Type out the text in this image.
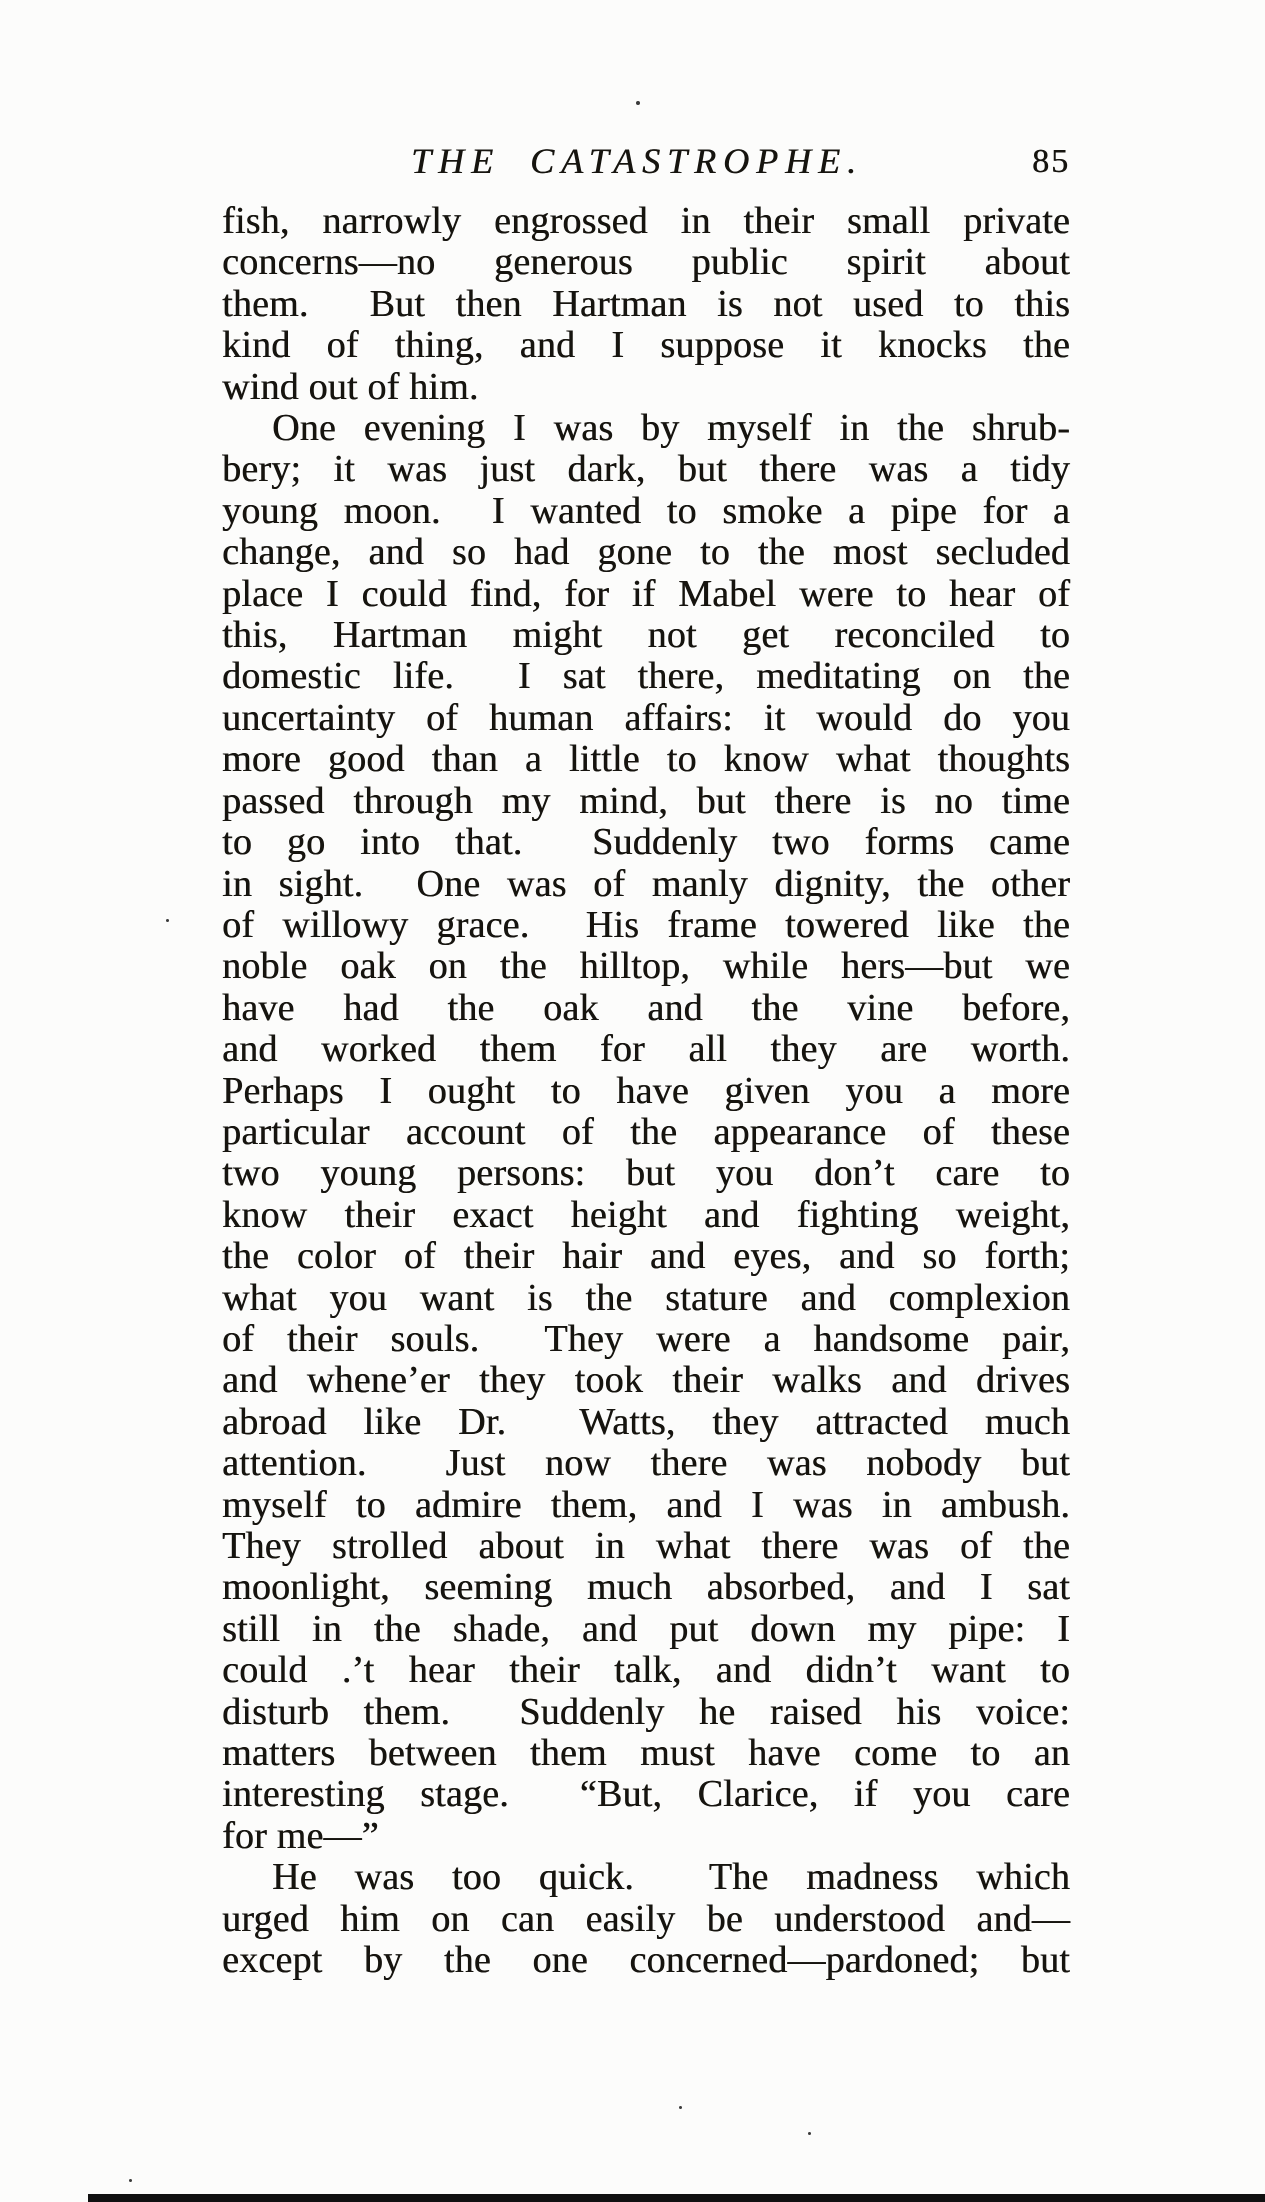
THE CATASTROPHE.	85
fish, narrowly engrossed in their small private
concerns—no generous public spirit about
them.  But then Hartman is not used to this
kind of thing, and I suppose it knocks the
wind out of him.
One evening I was by myself in the shrub-
bery; it was just dark, but there was a tidy
young moon.  I wanted to smoke a pipe for a
change, and so had gone to the most secluded
place I could find, for if Mabel were to hear of
this, Hartman might not get reconciled to
domestic life.  I sat there, meditating on the
uncertainty of human affairs: it would do you
more good than a little to know what thoughts
passed through my mind, but there is no time
to go into that.  Suddenly two forms came
in sight.  One was of manly dignity, the other
of willowy grace.  His frame towered like the
noble oak on the hilltop, while hers—but we
have had the oak and the vine before,
and worked them for all they are worth.
Perhaps I ought to have given you a more
particular account of the appearance of these
two young persons: but you don’t care to
know their exact height and fighting weight,
the color of their hair and eyes, and so forth;
what you want is the stature and complexion
of their souls.  They were a handsome pair,
and whene’er they took their walks and drives
abroad like Dr.  Watts, they attracted much
attention.  Just now there was nobody but
myself to admire them, and I was in ambush.
They strolled about in what there was of the
moonlight, seeming much absorbed, and I sat
still in the shade, and put down my pipe: I
could .’t hear their talk, and didn’t want to
disturb them.  Suddenly he raised his voice:
matters between them must have come to an
interesting stage.  “But, Clarice, if you care
for me—”
He was too quick.  The madness which
urged him on can easily be understood and—
except by the one concerned—pardoned; but
